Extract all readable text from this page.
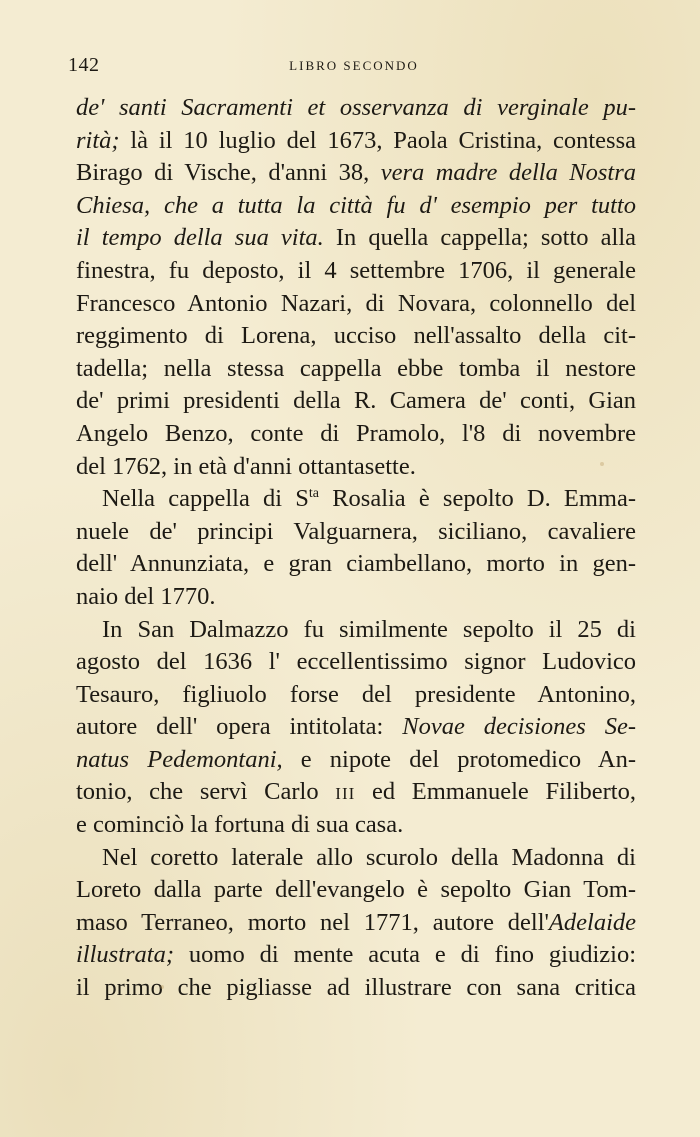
142	LIBRO SECONDO
de' santi Sacramenti et osservanza di verginale pu-
rità; là il 10 luglio del 1673, Paola Cristina, contessa
Birago di Vische, d'anni 38, vera madre della Nostra
Chiesa, che a tutta la città fu d' esempio per tutto
il tempo della sua vita. In quella cappella; sotto alla
finestra, fu deposto, il 4 settembre 1706, il generale
Francesco Antonio Nazari, di Novara, colonnello del
reggimento di Lorena, ucciso nell'assalto della cit-
tadella; nella stessa cappella ebbe tomba il nestore
de' primi presidenti della R. Camera de' conti, Gian
Angelo Benzo, conte di Pramolo, l'8 di novembre
del 1762, in età d'anni ottantasette.
Nella cappella di $S^{ta}$ Rosalia è sepolto D. Emma-
nuele de' principi Valguarnera, siciliano, cavaliere
dell' Annunziata, e gran ciambellano, morto in gen-
naio del 1770.
In San Dalmazzo fu similmente sepolto il 25 di
agosto del 1636 l' eccellentissimo signor Ludovico
Tesauro, figliuolo forse del presidente Antonino,
autore dell' opera intitolata: Novae decisiones Se-
natus Pedemontani, e nipote del protomedico An-
tonio, che servì Carlo III ed Emmanuele Filiberto,
e cominciò la fortuna di sua casa.
Nel coretto laterale allo scurolo della Madonna di
Loreto dalla parte dell'evangelo è sepolto Gian Tom-
maso Terraneo, morto nel 1771, autore dell'Adelaide
illustrata; uomo di mente acuta e di fino giudizio:
il primo che pigliasse ad illustrare con sana critica
